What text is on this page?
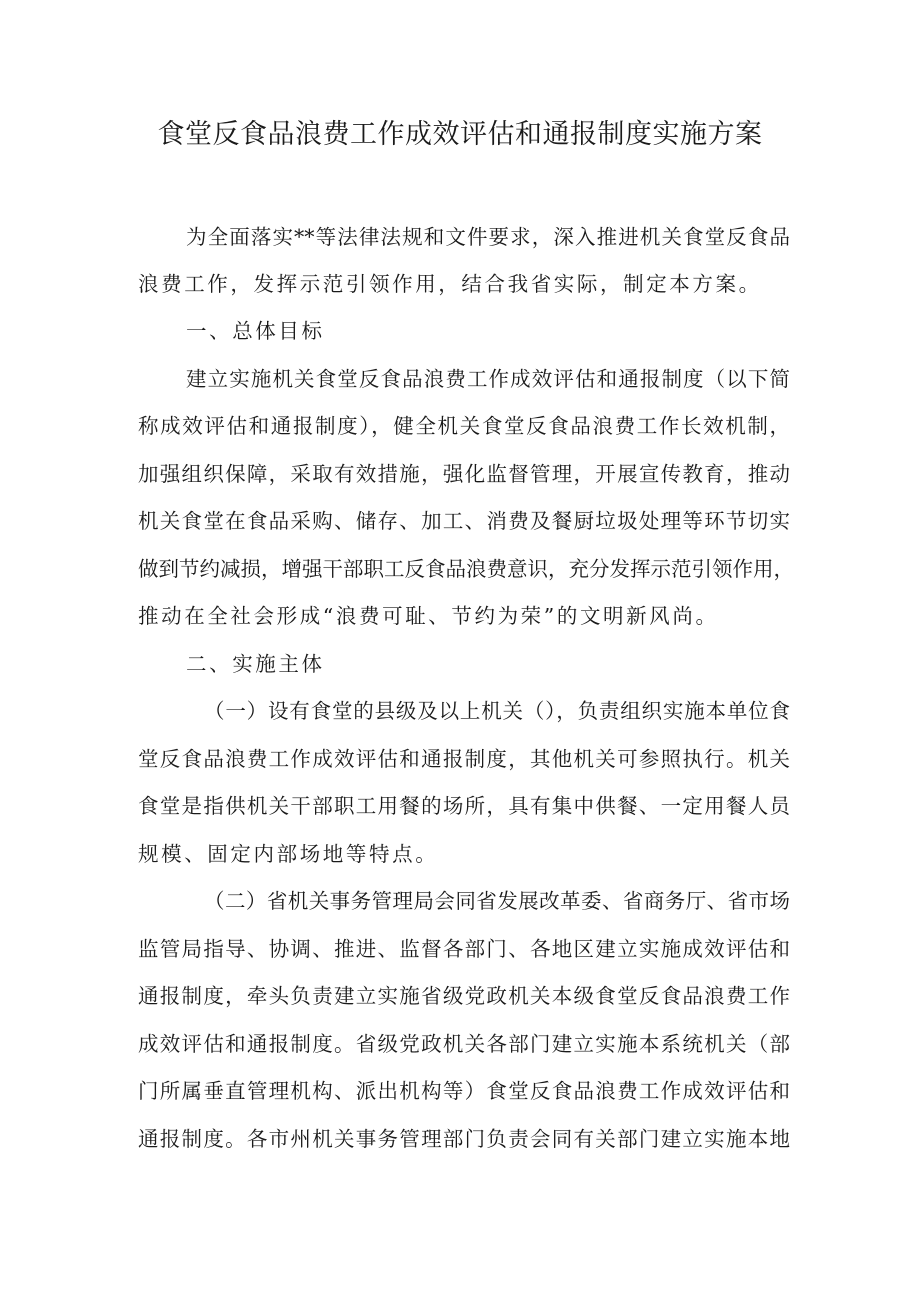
食堂反食品浪费工作成效评估和通报制度实施方案
为全面落实**等法律法规和文件要求，深入推进机关食堂反食品
浪费工作，发挥示范引领作用，结合我省实际，制定本方案。
一、总体目标
建立实施机关食堂反食品浪费工作成效评估和通报制度（以下简
称成效评估和通报制度），健全机关食堂反食品浪费工作长效机制，
加强组织保障，采取有效措施，强化监督管理，开展宣传教育，推动
机关食堂在食品采购、储存、加工、消费及餐厨垃圾处理等环节切实
做到节约减损，增强干部职工反食品浪费意识，充分发挥示范引领作用，
推动在全社会形成“浪费可耻、节约为荣”的文明新风尚。
二、实施主体
（一）设有食堂的县级及以上机关（），负责组织实施本单位食
堂反食品浪费工作成效评估和通报制度，其他机关可参照执行。机关
食堂是指供机关干部职工用餐的场所，具有集中供餐、一定用餐人员
规模、固定内部场地等特点。
（二）省机关事务管理局会同省发展改革委、省商务厅、省市场
监管局指导、协调、推进、监督各部门、各地区建立实施成效评估和
通报制度，牵头负责建立实施省级党政机关本级食堂反食品浪费工作
成效评估和通报制度。省级党政机关各部门建立实施本系统机关（部
门所属垂直管理机构、派出机构等）食堂反食品浪费工作成效评估和
通报制度。各市州机关事务管理部门负责会同有关部门建立实施本地
